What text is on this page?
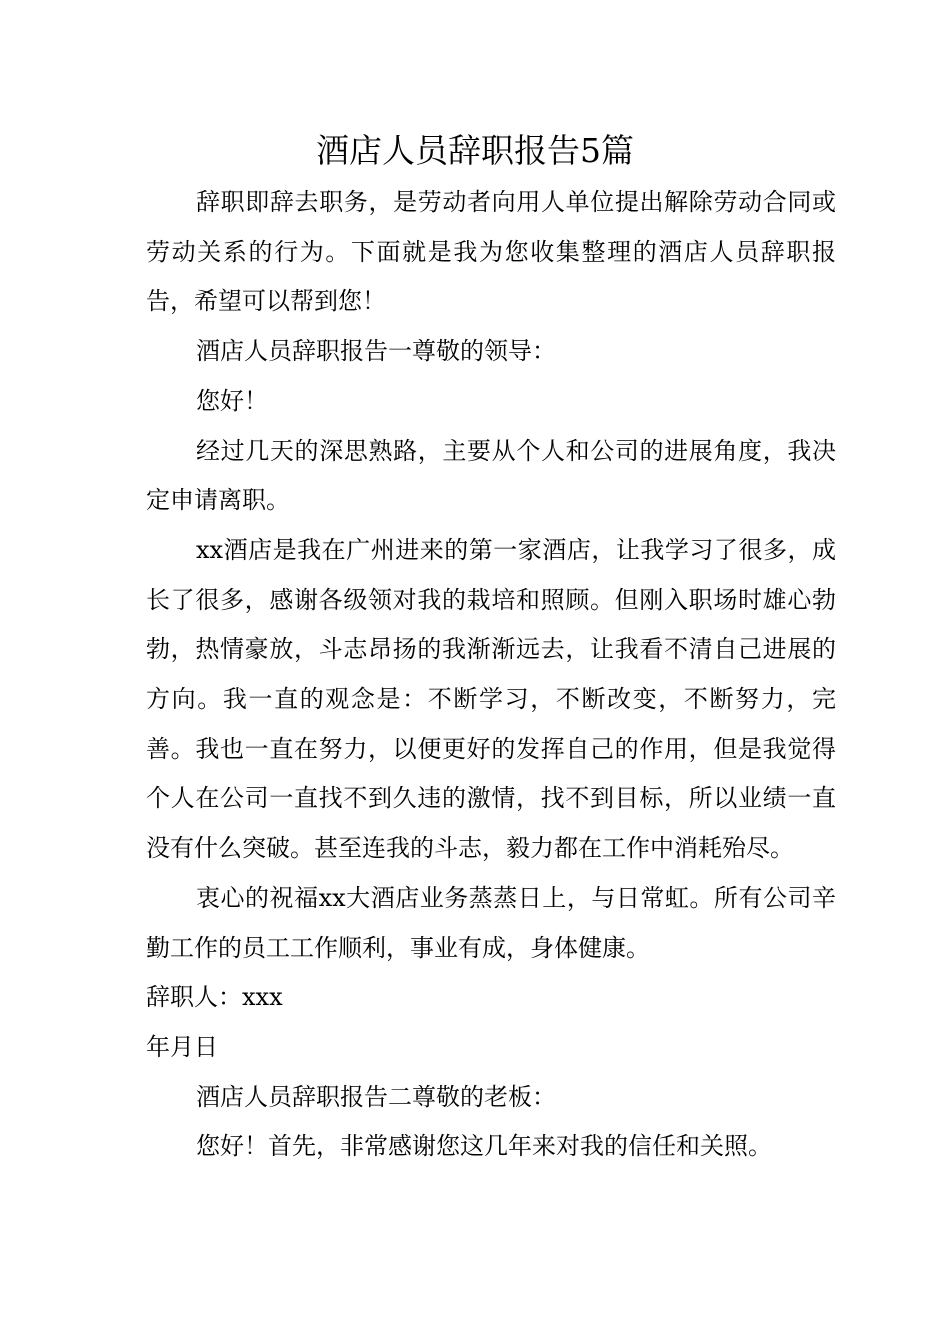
酒店人员辞职报告5篇

辞职即辞去职务，是劳动者向用人单位提出解除劳动合同或劳动关系的行为。下面就是我为您收集整理的酒店人员辞职报告，希望可以帮到您！

酒店人员辞职报告一尊敬的领导：

您好！

经过几天的深思熟路，主要从个人和公司的进展角度，我决定申请离职。

xx酒店是我在广州进来的第一家酒店，让我学习了很多，成长了很多，感谢各级领对我的栽培和照顾。但刚入职场时雄心勃勃，热情豪放，斗志昂扬的我渐渐远去，让我看不清自己进展的方向。我一直的观念是：不断学习，不断改变，不断努力，完善。我也一直在努力，以便更好的发挥自己的作用，但是我觉得个人在公司一直找不到久违的激情，找不到目标，所以业绩一直没有什么突破。甚至连我的斗志，毅力都在工作中消耗殆尽。

衷心的祝福xx大酒店业务蒸蒸日上，与日常虹。所有公司辛勤工作的员工工作顺利，事业有成，身体健康。

辞职人：xxx

年月日

酒店人员辞职报告二尊敬的老板：

您好！首先，非常感谢您这几年来对我的信任和关照。
